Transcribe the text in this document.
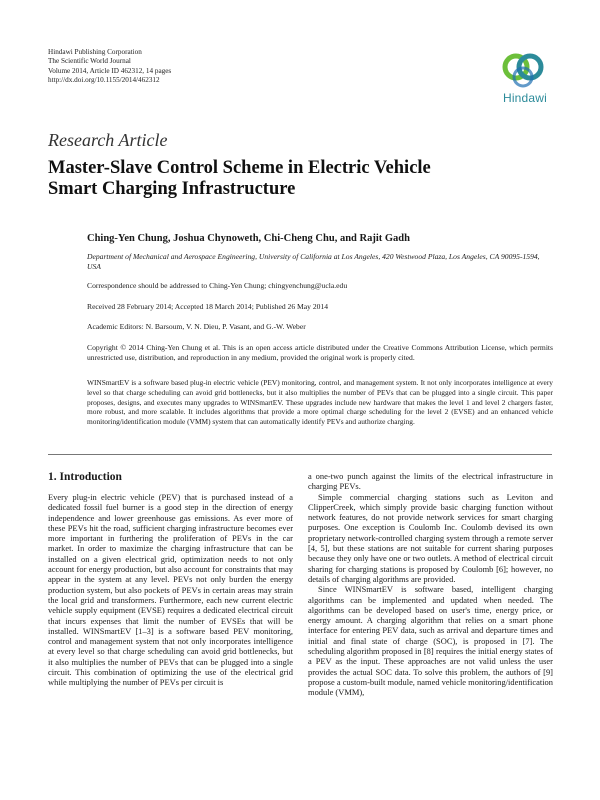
Hindawi Publishing Corporation
The Scientific World Journal
Volume 2014, Article ID 462312, 14 pages
http://dx.doi.org/10.1155/2014/462312
Hindawi
Research Article
Master-Slave Control Scheme in Electric Vehicle Smart Charging Infrastructure
Ching-Yen Chung, Joshua Chynoweth, Chi-Cheng Chu, and Rajit Gadh
Department of Mechanical and Aerospace Engineering, University of California at Los Angeles, 420 Westwood Plaza, Los Angeles, CA 90095-1594, USA
Correspondence should be addressed to Ching-Yen Chung; chingyenchung@ucla.edu
Received 28 February 2014; Accepted 18 March 2014; Published 26 May 2014
Academic Editors: N. Barsoum, V. N. Dieu, P. Vasant, and G.-W. Weber
Copyright © 2014 Ching-Yen Chung et al. This is an open access article distributed under the Creative Commons Attribution License, which permits unrestricted use, distribution, and reproduction in any medium, provided the original work is properly cited.
WINSmartEV is a software based plug-in electric vehicle (PEV) monitoring, control, and management system. It not only incorporates intelligence at every level so that charge scheduling can avoid grid bottlenecks, but it also multiplies the number of PEVs that can be plugged into a single circuit. This paper proposes, designs, and executes many upgrades to WINSmartEV. These upgrades include new hardware that makes the level 1 and level 2 chargers faster, more robust, and more scalable. It includes algorithms that provide a more optimal charge scheduling for the level 2 (EVSE) and an enhanced vehicle monitoring/identification module (VMM) system that can automatically identify PEVs and authorize charging.
1. Introduction

Every plug-in electric vehicle (PEV) that is purchased instead of a dedicated fossil fuel burner is a good step in the direction of energy independence and lower greenhouse gas emissions. As ever more of these PEVs hit the road, sufficient charging infrastructure becomes ever more important in furthering the proliferation of PEVs in the car market. In order to maximize the charging infrastructure that can be installed on a given electrical grid, optimization needs to not only account for energy production, but also account for constraints that may appear in the system at any level. PEVs not only burden the energy production system, but also pockets of PEVs in certain areas may strain the local grid and transformers. Furthermore, each new current electric vehicle supply equipment (EVSE) requires a dedicated electrical circuit that incurs expenses that limit the number of EVSEs that will be installed. WINSmartEV [1–3] is a software based PEV monitoring, control and management system that not only incorporates intelligence at every level so that charge scheduling can avoid grid bottlenecks, but it also multiplies the number of PEVs that can be plugged into a single circuit. This combination of optimizing the use of the electrical grid while multiplying the number of PEVs per circuit is

a one-two punch against the limits of the electrical infrastructure in charging PEVs.

Simple commercial charging stations such as Leviton and ClipperCreek, which simply provide basic charging function without network features, do not provide network services for smart charging purposes. One exception is Coulomb Inc. Coulomb devised its own proprietary network-controlled charging system through a remote server [4, 5], but these stations are not suitable for current sharing purposes because they only have one or two outlets. A method of electrical circuit sharing for charging stations is proposed by Coulomb [6]; however, no details of charging algorithms are provided.

Since WINSmartEV is software based, intelligent charging algorithms can be implemented and updated when needed. The algorithms can be developed based on user's time, energy price, or energy amount. A charging algorithm that relies on a smart phone interface for entering PEV data, such as arrival and departure times and initial and final state of charge (SOC), is proposed in [7]. The scheduling algorithm proposed in [8] requires the initial energy states of a PEV as the input. These approaches are not valid unless the user provides the actual SOC data. To solve this problem, the authors of [9] propose a custom-built module, named vehicle monitoring/identification module (VMM),
